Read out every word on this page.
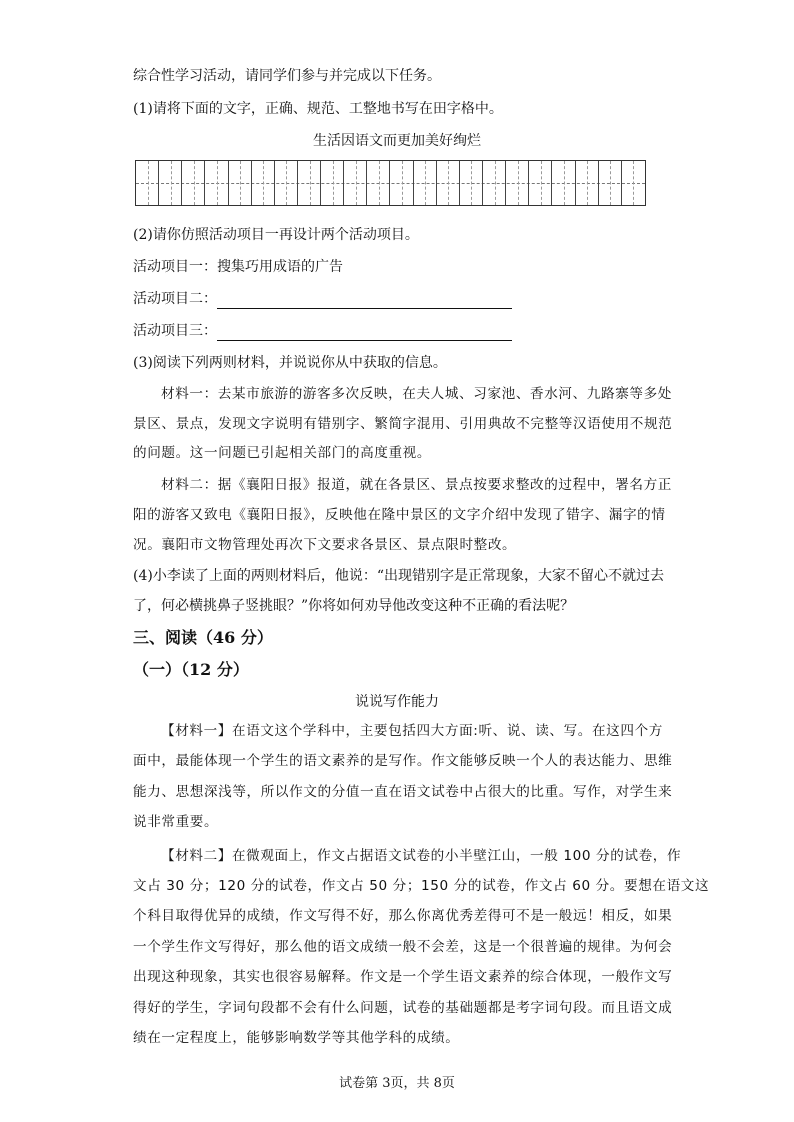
综合性学习活动，请同学们参与并完成以下任务。
(1)请将下面的文字，正确、规范、工整地书写在田字格中。
生活因语文而更加美好绚烂
(2)请你仿照活动项目一再设计两个活动项目。
活动项目一：搜集巧用成语的广告
活动项目二：
活动项目三：
(3)阅读下列两则材料，并说说你从中获取的信息。
材料一：去某市旅游的游客多次反映，在夫人城、习家池、香水河、九路寨等多处
景区、景点，发现文字说明有错别字、繁简字混用、引用典故不完整等汉语使用不规范
的问题。这一问题已引起相关部门的高度重视。
材料二：据《襄阳日报》报道，就在各景区、景点按要求整改的过程中，署名方正
阳的游客又致电《襄阳日报》，反映他在隆中景区的文字介绍中发现了错字、漏字的情
况。襄阳市文物管理处再次下文要求各景区、景点限时整改。
(4)小李读了上面的两则材料后，他说：“出现错别字是正常现象，大家不留心不就过去
了，何必横挑鼻子竖挑眼？”你将如何劝导他改变这种不正确的看法呢？
三、阅读（46 分）
（一）（12 分）
说说写作能力
【材料一】在语文这个学科中，主要包括四大方面:听、说、读、写。在这四个方
面中，最能体现一个学生的语文素养的是写作。作文能够反映一个人的表达能力、思维
能力、思想深浅等，所以作文的分值一直在语文试卷中占很大的比重。写作，对学生来
说非常重要。
【材料二】在微观面上，作文占据语文试卷的小半壁江山，一般 100 分的试卷，作
文占 30 分；120 分的试卷，作文占 50 分；150 分的试卷，作文占 60 分。要想在语文这
个科目取得优异的成绩，作文写得不好，那么你离优秀差得可不是一般远！相反，如果
一个学生作文写得好，那么他的语文成绩一般不会差，这是一个很普遍的规律。为何会
出现这种现象，其实也很容易解释。作文是一个学生语文素养的综合体现，一般作文写
得好的学生，字词句段都不会有什么问题，试卷的基础题都是考字词句段。而且语文成
绩在一定程度上，能够影响数学等其他学科的成绩。
试卷第 3页，共 8页
